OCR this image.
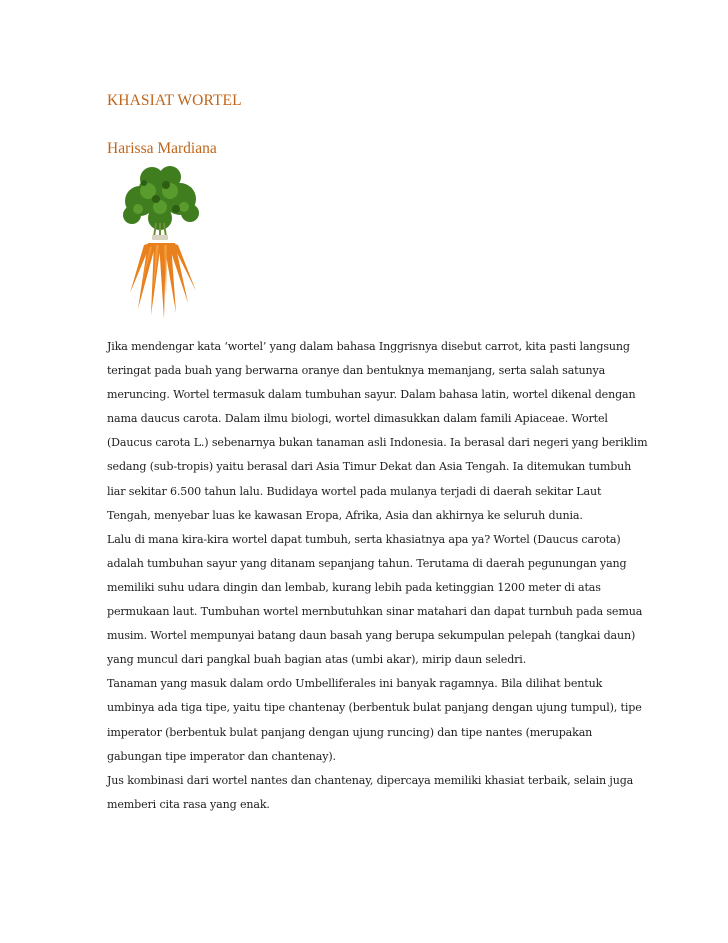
KHASIAT WORTEL
Harissa Mardiana
Jika mendengar kata ‘wortel’ yang dalam bahasa Inggrisnya disebut carrot, kita pasti langsung
teringat pada buah yang berwarna oranye dan bentuknya memanjang, serta salah satunya
meruncing. Wortel termasuk dalam tumbuhan sayur. Dalam bahasa latin, wortel dikenal dengan
nama daucus carota. Dalam ilmu biologi, wortel dimasukkan dalam famili Apiaceae. Wortel
(Daucus carota L.) sebenarnya bukan tanaman asli Indonesia. Ia berasal dari negeri yang beriklim
sedang (sub-tropis) yaitu berasal dari Asia Timur Dekat dan Asia Tengah. Ia ditemukan tumbuh
liar sekitar 6.500 tahun lalu. Budidaya wortel pada mulanya terjadi di daerah sekitar Laut
Tengah, menyebar luas ke kawasan Eropa, Afrika, Asia dan akhirnya ke seluruh dunia.
Lalu di mana kira-kira wortel dapat tumbuh, serta khasiatnya apa ya? Wortel (Daucus carota)
adalah tumbuhan sayur yang ditanam sepanjang tahun. Terutama di daerah pegunungan yang
memiliki suhu udara dingin dan lembab, kurang lebih pada ketinggian 1200 meter di atas
permukaan laut. Tumbuhan wortel mernbutuhkan sinar matahari dan dapat turnbuh pada semua
musim. Wortel mempunyai batang daun basah yang berupa sekumpulan pelepah (tangkai daun)
yang muncul dari pangkal buah bagian atas (umbi akar), mirip daun seledri.
Tanaman yang masuk dalam ordo Umbelliferales ini banyak ragamnya. Bila dilihat bentuk
umbinya ada tiga tipe, yaitu tipe chantenay (berbentuk bulat panjang dengan ujung tumpul), tipe
imperator (berbentuk bulat panjang dengan ujung runcing) dan tipe nantes (merupakan
gabungan tipe imperator dan chantenay).
Jus kombinasi dari wortel nantes dan chantenay, dipercaya memiliki khasiat terbaik, selain juga
memberi cita rasa yang enak.
